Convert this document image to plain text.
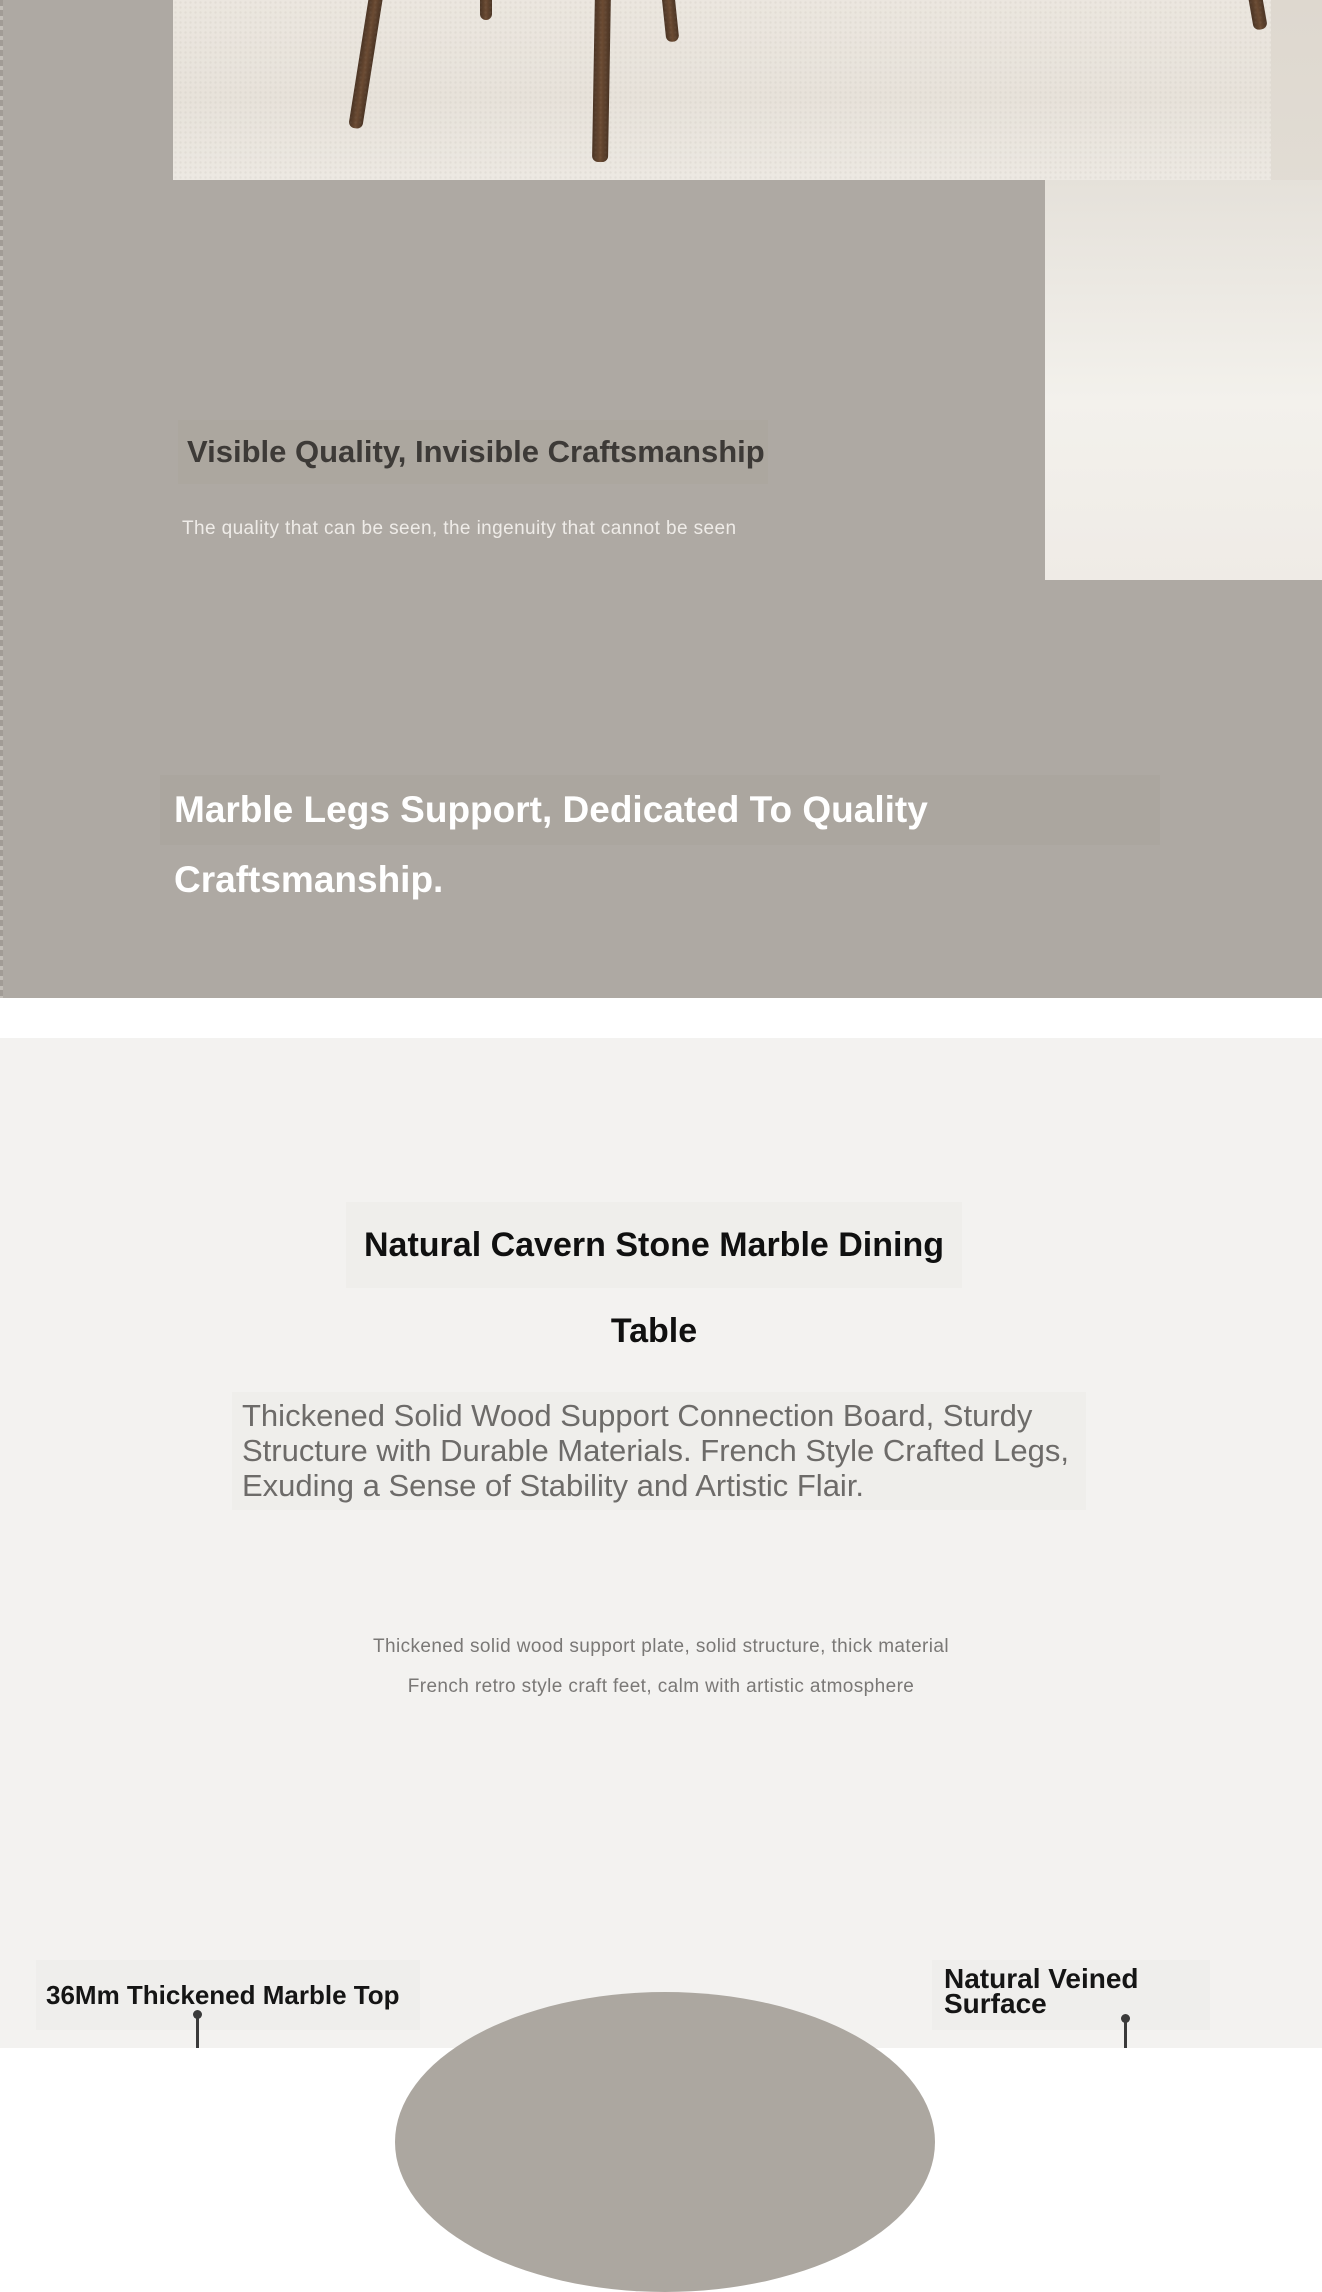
Visible Quality, Invisible Craftsmanship
The quality that can be seen, the ingenuity that cannot be seen
Marble Legs Support, Dedicated To Quality Craftsmanship.
Natural Cavern Stone Marble Dining Table
Thickened Solid Wood Support Connection Board, Sturdy Structure with Durable Materials. French Style Crafted Legs, Exuding a Sense of Stability and Artistic Flair.
Thickened solid wood support plate, solid structure, thick material
French retro style craft feet, calm with artistic atmosphere
36Mm Thickened Marble Top
Natural Veined Surface
